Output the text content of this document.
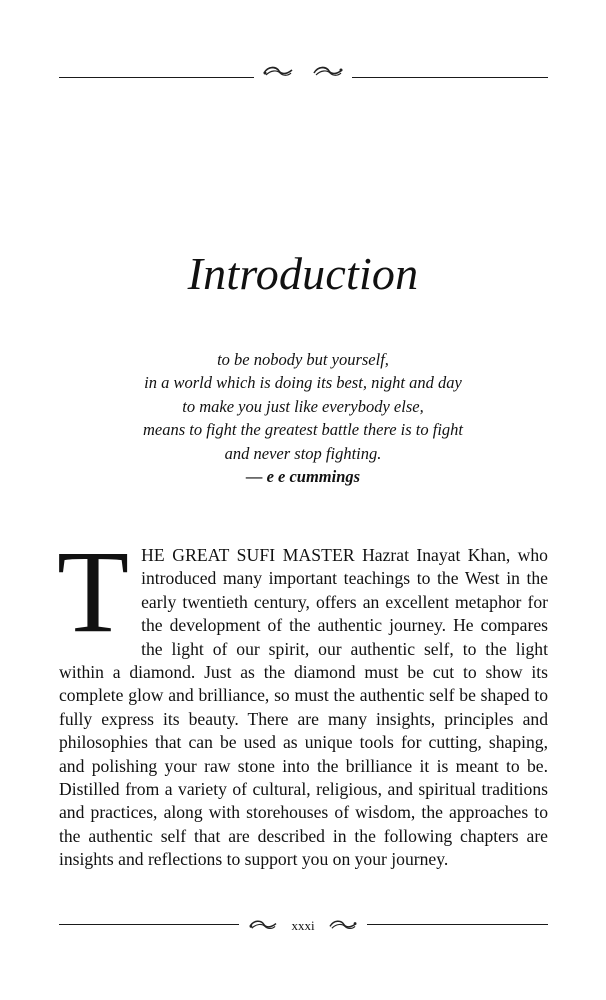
Introduction
to be nobody but yourself,
in a world which is doing its best, night and day
to make you just like everybody else,
means to fight the greatest battle there is to fight
and never stop fighting.
— e e cummings
THE GREAT SUFI MASTER Hazrat Inayat Khan, who introduced many important teachings to the West in the early twentieth century, offers an excellent metaphor for the development of the authentic journey. He compares the light of our spirit, our authentic self, to the light within a diamond. Just as the diamond must be cut to show its complete glow and brilliance, so must the authentic self be shaped to fully express its beauty. There are many insights, principles and philosophies that can be used as unique tools for cutting, shaping, and polishing your raw stone into the brilliance it is meant to be. Distilled from a variety of cultural, religious, and spiritual traditions and practices, along with storehouses of wisdom, the approaches to the authentic self that are described in the following chapters are insights and reflections to support you on your journey.
xxxi
